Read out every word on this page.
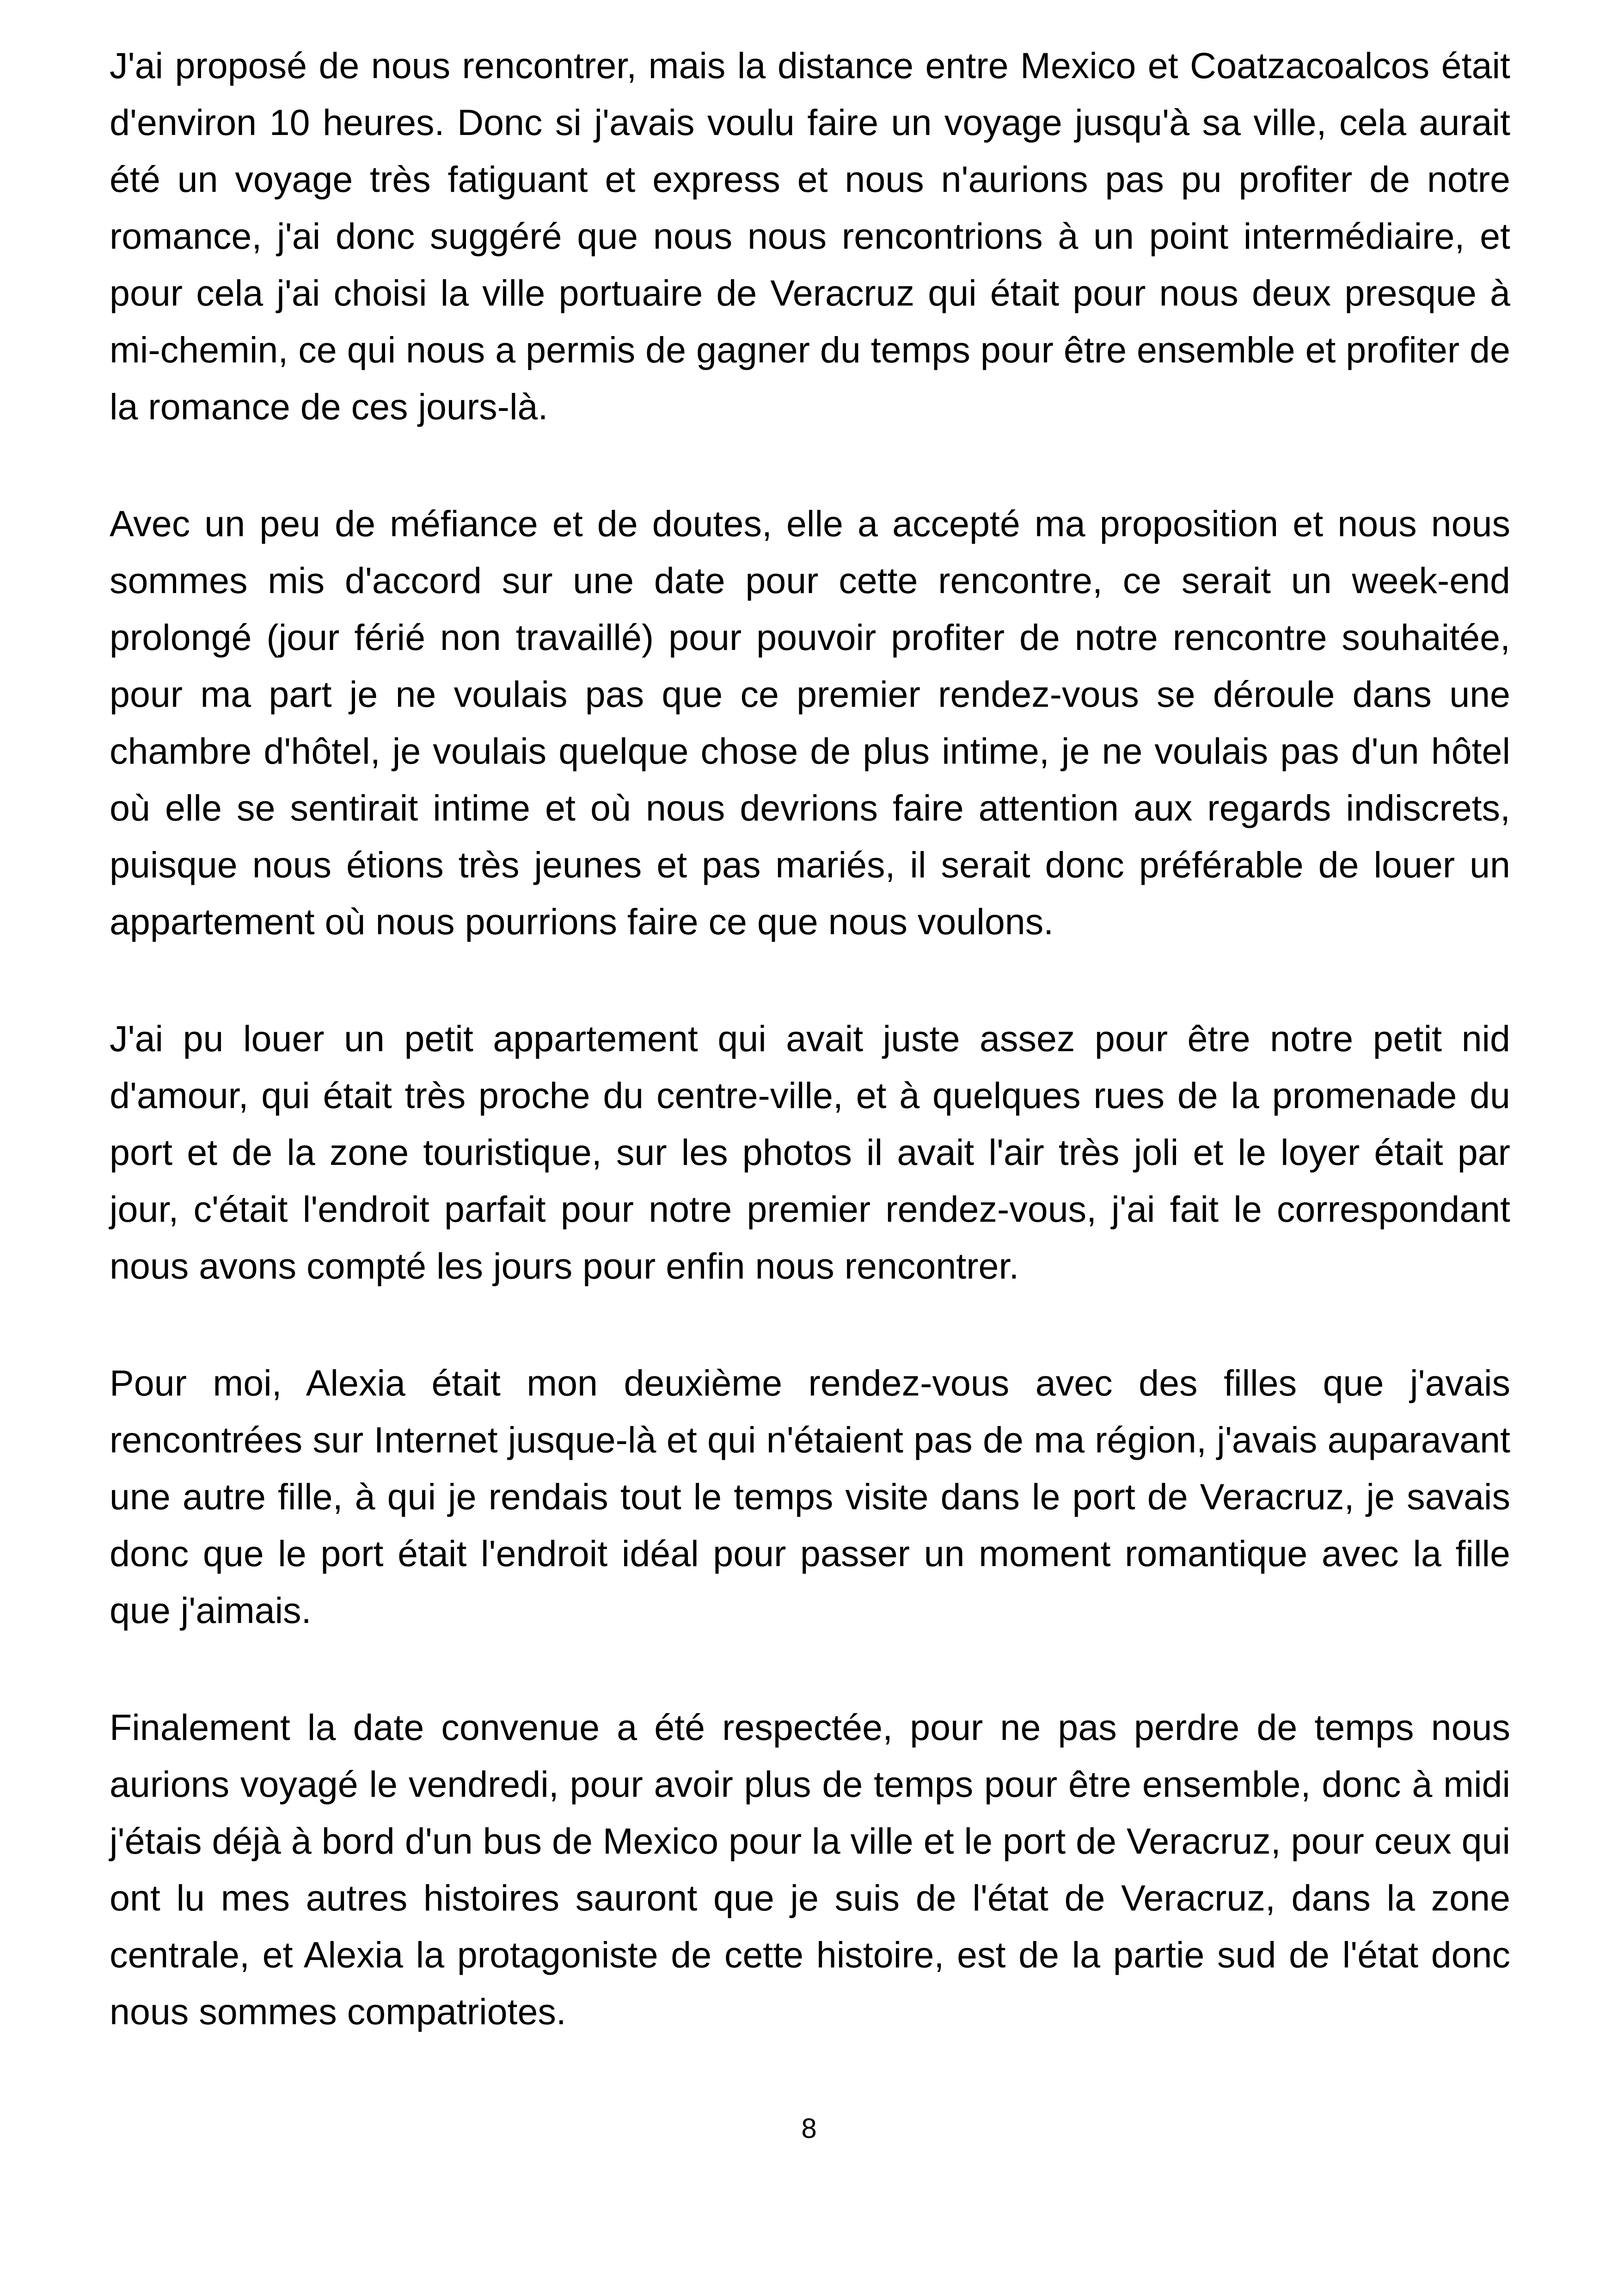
J'ai proposé de nous rencontrer, mais la distance entre Mexico et Coatzacoalcos était d'environ 10 heures. Donc si j'avais voulu faire un voyage jusqu'à sa ville, cela aurait été un voyage très fatiguant et express et nous n'aurions pas pu profiter de notre romance, j'ai donc suggéré que nous nous rencontrions à un point intermédiaire, et pour cela j'ai choisi la ville portuaire de Veracruz qui était pour nous deux presque à mi-chemin, ce qui nous a permis de gagner du temps pour être ensemble et profiter de la romance de ces jours-là.

Avec un peu de méfiance et de doutes, elle a accepté ma proposition et nous nous sommes mis d'accord sur une date pour cette rencontre, ce serait un week-end prolongé (jour férié non travaillé) pour pouvoir profiter de notre rencontre souhaitée, pour ma part je ne voulais pas que ce premier rendez-vous se déroule dans une chambre d'hôtel, je voulais quelque chose de plus intime, je ne voulais pas d'un hôtel où elle se sentirait intime et où nous devrions faire attention aux regards indiscrets, puisque nous étions très jeunes et pas mariés, il serait donc préférable de louer un appartement où nous pourrions faire ce que nous voulons.

J'ai pu louer un petit appartement qui avait juste assez pour être notre petit nid d'amour, qui était très proche du centre-ville, et à quelques rues de la promenade du port et de la zone touristique, sur les photos il avait l'air très joli et le loyer était par jour, c'était l'endroit parfait pour notre premier rendez-vous, j'ai fait le correspondant nous avons compté les jours pour enfin nous rencontrer.

Pour moi, Alexia était mon deuxième rendez-vous avec des filles que j'avais rencontrées sur Internet jusque-là et qui n'étaient pas de ma région, j'avais auparavant une autre fille, à qui je rendais tout le temps visite dans le port de Veracruz, je savais donc que le port était l'endroit idéal pour passer un moment romantique avec la fille que j'aimais.

Finalement la date convenue a été respectée, pour ne pas perdre de temps nous aurions voyagé le vendredi, pour avoir plus de temps pour être ensemble, donc à midi j'étais déjà à bord d'un bus de Mexico pour la ville et le port de Veracruz, pour ceux qui ont lu mes autres histoires sauront que je suis de l'état de Veracruz, dans la zone centrale, et Alexia la protagoniste de cette histoire, est de la partie sud de l'état donc nous sommes compatriotes.

8
